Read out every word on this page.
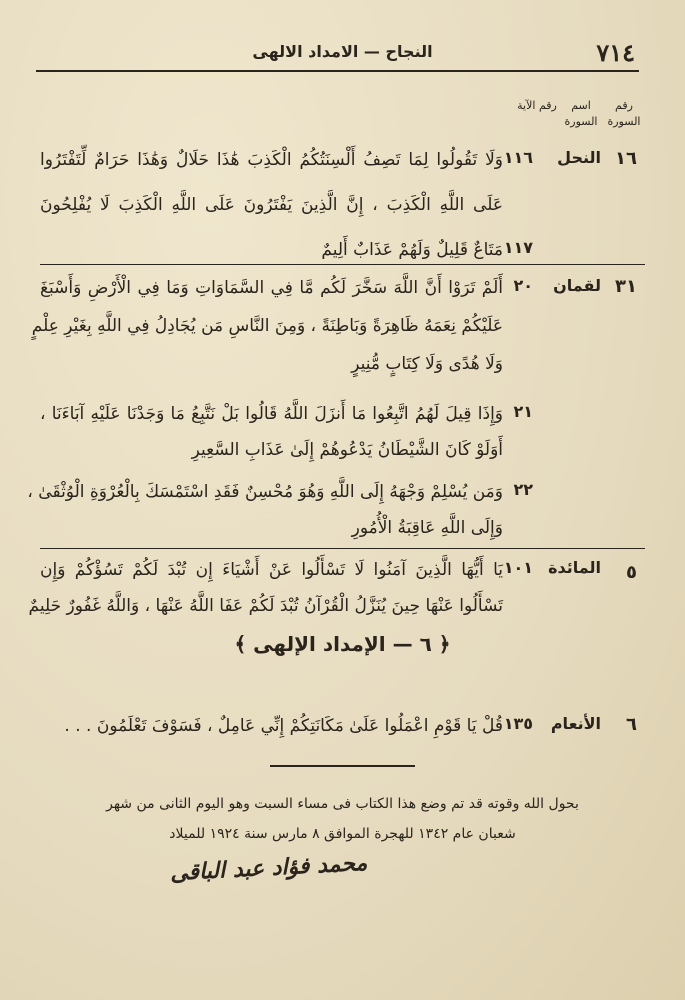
٧١٤
النجاح — الامداد الالهى
رقم السورة
اسم السورة
رقم الآية
١٦
النحل
١١٦
وَلَا تَقُولُوا لِمَا تَصِفُ أَلْسِنَتُكُمُ الْكَذِبَ هَٰذَا حَلَالٌ وَهَٰذَا حَرَامٌ لِّتَفْتَرُوا
عَلَى اللَّهِ الْكَذِبَ ، إِنَّ الَّذِينَ يَفْتَرُونَ عَلَى اللَّهِ الْكَذِبَ لَا يُفْلِحُونَ
١١٧
مَتَاعٌ قَلِيلٌ وَلَهُمْ عَذَابٌ أَلِيمٌ
٣١
لقمان
٢٠
أَلَمْ تَرَوْا أَنَّ اللَّهَ سَخَّرَ لَكُم مَّا فِي السَّمَاوَاتِ وَمَا فِي الْأَرْضِ وَأَسْبَغَ
عَلَيْكُمْ نِعَمَهُ ظَاهِرَةً وَبَاطِنَةً ، وَمِنَ النَّاسِ مَن يُجَادِلُ فِي اللَّهِ بِغَيْرِ عِلْمٍ
وَلَا هُدًى وَلَا كِتَابٍ مُّنِيرٍ
٢١
وَإِذَا قِيلَ لَهُمُ اتَّبِعُوا مَا أَنزَلَ اللَّهُ قَالُوا بَلْ نَتَّبِعُ مَا وَجَدْنَا عَلَيْهِ آبَاءَنَا ،
أَوَلَوْ كَانَ الشَّيْطَانُ يَدْعُوهُمْ إِلَىٰ عَذَابِ السَّعِيرِ
٢٢
وَمَن يُسْلِمْ وَجْهَهُ إِلَى اللَّهِ وَهُوَ مُحْسِنٌ فَقَدِ اسْتَمْسَكَ بِالْعُرْوَةِ الْوُثْقَىٰ ،
وَإِلَى اللَّهِ عَاقِبَةُ الْأُمُورِ
٥
المائدة
١٠١
يَا أَيُّهَا الَّذِينَ آمَنُوا لَا تَسْأَلُوا عَنْ أَشْيَاءَ إِن تُبْدَ لَكُمْ تَسُؤْكُمْ وَإِن
تَسْأَلُوا عَنْهَا حِينَ يُنَزَّلُ الْقُرْآنُ تُبْدَ لَكُمْ عَفَا اللَّهُ عَنْهَا ، وَاللَّهُ غَفُورٌ حَلِيمٌ
﴿ ٦ — الإمداد الإلهى ﴾
٦
الأنعام
١٣٥
قُلْ يَا قَوْمِ اعْمَلُوا عَلَىٰ مَكَانَتِكُمْ إِنِّي عَامِلٌ ، فَسَوْفَ تَعْلَمُونَ . . .
بحول الله وقوته قد تم وضع هذا الكتاب فى مساء السبت وهو اليوم الثانى من شهر
شعبان عام ١٣٤٢ للهجرة الموافق ٨ مارس سنة ١٩٢٤ للميلاد
محمد فؤاد عبد الباقى
